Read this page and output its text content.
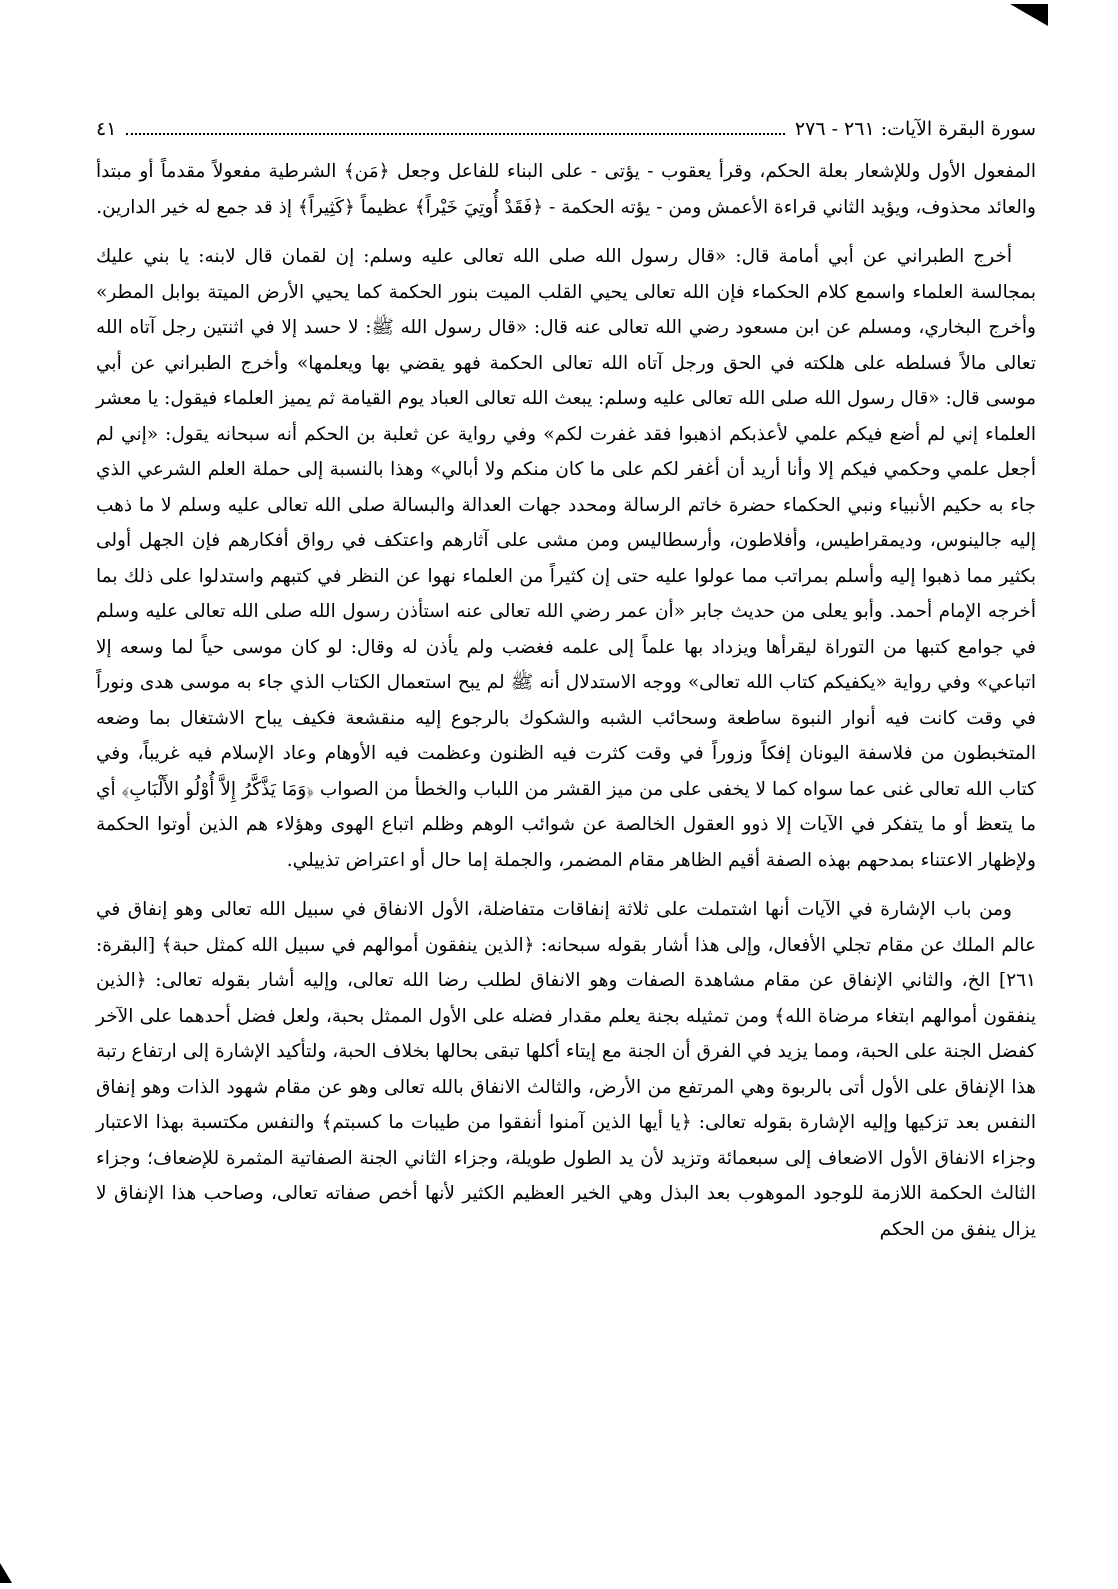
سورة البقرة الآيات: ٢٦١ - ٢٧٦
٤١

المفعول الأول وللإشعار بعلة الحكم، وقرأ يعقوب - يؤتى - على البناء للفاعل وجعل ﴿مَن﴾ الشرطية مفعولاً مقدماً أو مبتدأ والعائد محذوف، ويؤيد الثاني قراءة الأعمش ومن - يؤته الحكمة - ﴿فَقَدْ أُوتِيَ خَيْراً﴾ عظيماً ﴿كَثِيراً﴾ إذ قد جمع له خير الدارين.

أخرج الطبراني عن أبي أمامة قال: «قال رسول الله صلى الله تعالى عليه وسلم: إن لقمان قال لابنه: يا بني عليك بمجالسة العلماء واسمع كلام الحكماء فإن الله تعالى يحيي القلب الميت بنور الحكمة كما يحيي الأرض الميتة بوابل المطر» وأخرج البخاري، ومسلم عن ابن مسعود رضي الله تعالى عنه قال: «قال رسول الله ﷺ: لا حسد إلا في اثنتين رجل آتاه الله تعالى مالاً فسلطه على هلكته في الحق ورجل آتاه الله تعالى الحكمة فهو يقضي بها ويعلمها» وأخرج الطبراني عن أبي موسى قال: «قال رسول الله صلى الله تعالى عليه وسلم: يبعث الله تعالى العباد يوم القيامة ثم يميز العلماء فيقول: يا معشر العلماء إني لم أضع فيكم علمي لأعذبكم اذهبوا فقد غفرت لكم» وفي رواية عن ثعلبة بن الحكم أنه سبحانه يقول: «إني لم أجعل علمي وحكمي فيكم إلا وأنا أريد أن أغفر لكم على ما كان منكم ولا أبالي» وهذا بالنسبة إلى حملة العلم الشرعي الذي جاء به حكيم الأنبياء ونبي الحكماء حضرة خاتم الرسالة ومحدد جهات العدالة والبسالة صلى الله تعالى عليه وسلم لا ما ذهب إليه جالينوس، وديمقراطيس، وأفلاطون، وأرسطاليس ومن مشى على آثارهم واعتكف في رواق أفكارهم فإن الجهل أولى بكثير مما ذهبوا إليه وأسلم بمراتب مما عولوا عليه حتى إن كثيراً من العلماء نهوا عن النظر في كتبهم واستدلوا على ذلك بما أخرجه الإمام أحمد. وأبو يعلى من حديث جابر «أن عمر رضي الله تعالى عنه استأذن رسول الله صلى الله تعالى عليه وسلم في جوامع كتبها من التوراة ليقرأها ويزداد بها علماً إلى علمه فغضب ولم يأذن له وقال: لو كان موسى حياً لما وسعه إلا اتباعي» وفي رواية «يكفيكم كتاب الله تعالى» ووجه الاستدلال أنه ﷺ لم يبح استعمال الكتاب الذي جاء به موسى هدى ونوراً في وقت كانت فيه أنوار النبوة ساطعة وسحائب الشبه والشكوك بالرجوع إليه منقشعة فكيف يباح الاشتغال بما وضعه المتخبطون من فلاسفة اليونان إفكاً وزوراً في وقت كثرت فيه الظنون وعظمت فيه الأوهام وعاد الإسلام فيه غريباً، وفي كتاب الله تعالى غنى عما سواه كما لا يخفى على من ميز القشر من اللباب والخطأ من الصواب ﴿وَمَا يَذَّكَّرُ إِلاَّ أُوْلُو الأَلْبَابِ﴾ أي ما يتعظ أو ما يتفكر في الآيات إلا ذوو العقول الخالصة عن شوائب الوهم وظلم اتباع الهوى وهؤلاء هم الذين أوتوا الحكمة ولإظهار الاعتناء بمدحهم بهذه الصفة أقيم الظاهر مقام المضمر، والجملة إما حال أو اعتراض تذييلي.

ومن باب الإشارة في الآيات أنها اشتملت على ثلاثة إنفاقات متفاضلة، الأول الانفاق في سبيل الله تعالى وهو إنفاق في عالم الملك عن مقام تجلي الأفعال، وإلى هذا أشار بقوله سبحانه: ﴿الذين ينفقون أموالهم في سبيل الله كمثل حبة﴾ [البقرة: ٢٦١] الخ، والثاني الإنفاق عن مقام مشاهدة الصفات وهو الانفاق لطلب رضا الله تعالى، وإليه أشار بقوله تعالى: ﴿الذين ينفقون أموالهم ابتغاء مرضاة الله﴾ ومن تمثيله بجنة يعلم مقدار فضله على الأول الممثل بحبة، ولعل فضل أحدهما على الآخر كفضل الجنة على الحبة، ومما يزيد في الفرق أن الجنة مع إيتاء أكلها تبقى بحالها بخلاف الحبة، ولتأكيد الإشارة إلى ارتفاع رتبة هذا الإنفاق على الأول أتى بالربوة وهي المرتفع من الأرض، والثالث الانفاق بالله تعالى وهو عن مقام شهود الذات وهو إنفاق النفس بعد تزكيها وإليه الإشارة بقوله تعالى: ﴿يا أيها الذين آمنوا أنفقوا من طيبات ما كسبتم﴾ والنفس مكتسبة بهذا الاعتبار وجزاء الانفاق الأول الاضعاف إلى سبعمائة وتزيد لأن يد الطول طويلة، وجزاء الثاني الجنة الصفاتية المثمرة للإضعاف؛ وجزاء الثالث الحكمة اللازمة للوجود الموهوب بعد البذل وهي الخير العظيم الكثير لأنها أخص صفاته تعالى، وصاحب هذا الإنفاق لا يزال ينفق من الحكم
